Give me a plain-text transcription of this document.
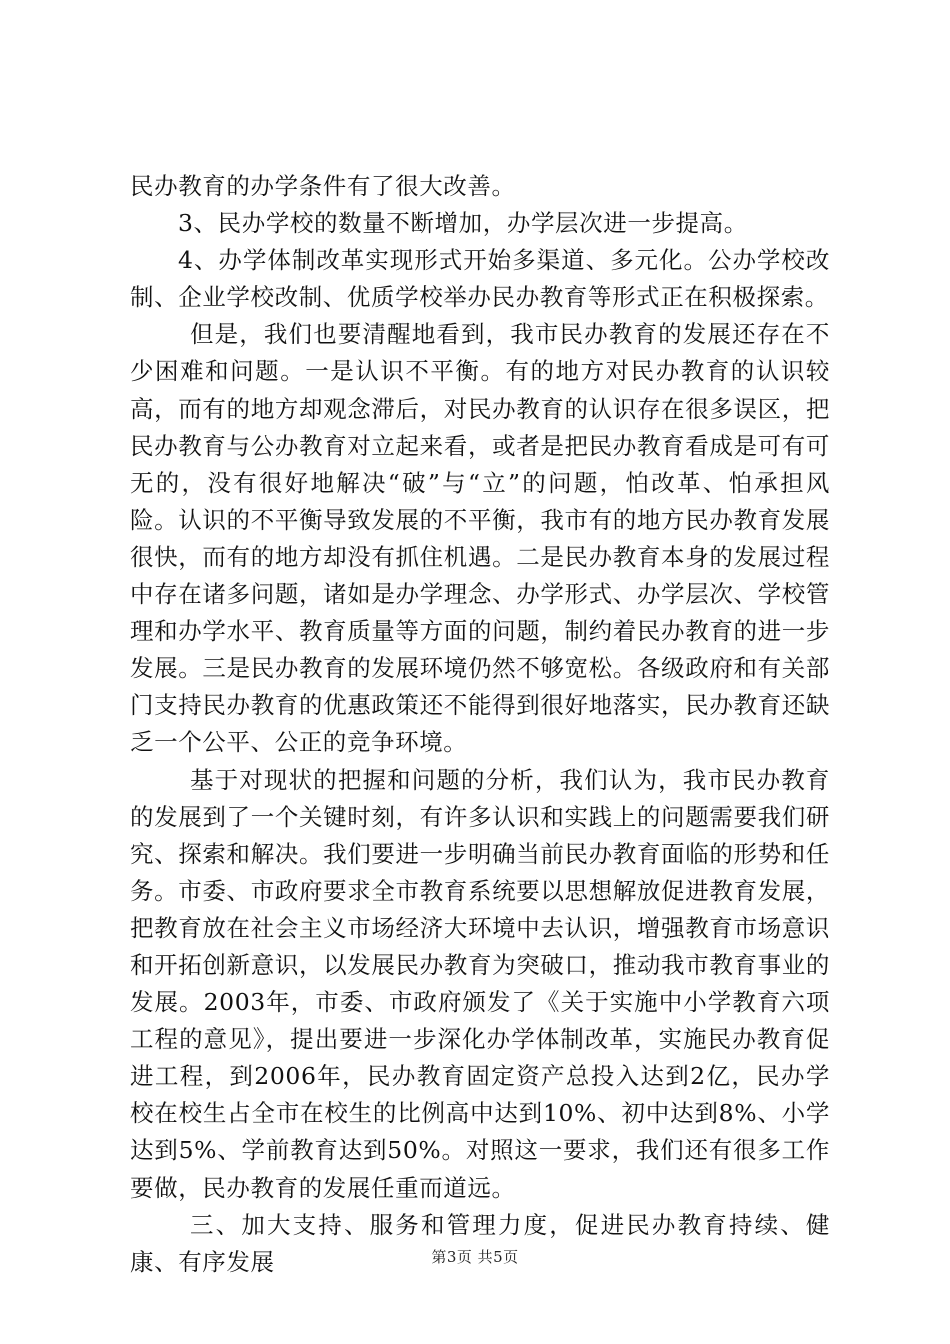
民办教育的办学条件有了很大改善。

3、民办学校的数量不断增加，办学层次进一步提高。

4、办学体制改革实现形式开始多渠道、多元化。公办学校改制、企业学校改制、优质学校举办民办教育等形式正在积极探索。

但是，我们也要清醒地看到，我市民办教育的发展还存在不少困难和问题。一是认识不平衡。有的地方对民办教育的认识较高，而有的地方却观念滞后，对民办教育的认识存在很多误区，把民办教育与公办教育对立起来看，或者是把民办教育看成是可有可无的，没有很好地解决“破”与“立”的问题，怕改革、怕承担风险。认识的不平衡导致发展的不平衡，我市有的地方民办教育发展很快，而有的地方却没有抓住机遇。二是民办教育本身的发展过程中存在诸多问题，诸如是办学理念、办学形式、办学层次、学校管理和办学水平、教育质量等方面的问题，制约着民办教育的进一步发展。三是民办教育的发展环境仍然不够宽松。各级政府和有关部门支持民办教育的优惠政策还不能得到很好地落实，民办教育还缺乏一个公平、公正的竞争环境。

基于对现状的把握和问题的分析，我们认为，我市民办教育的发展到了一个关键时刻，有许多认识和实践上的问题需要我们研究、探索和解决。我们要进一步明确当前民办教育面临的形势和任务。市委、市政府要求全市教育系统要以思想解放促进教育发展，把教育放在社会主义市场经济大环境中去认识，增强教育市场意识和开拓创新意识，以发展民办教育为突破口，推动我市教育事业的发展。2003年，市委、市政府颁发了《关于实施中小学教育六项工程的意见》，提出要进一步深化办学体制改革，实施民办教育促进工程，到2006年，民办教育固定资产总投入达到2亿，民办学校在校生占全市在校生的比例高中达到10%、初中达到8%、小学达到5%、学前教育达到50%。对照这一要求，我们还有很多工作要做，民办教育的发展任重而道远。

三、加大支持、服务和管理力度，促进民办教育持续、健康、有序发展	第3页 共5页
